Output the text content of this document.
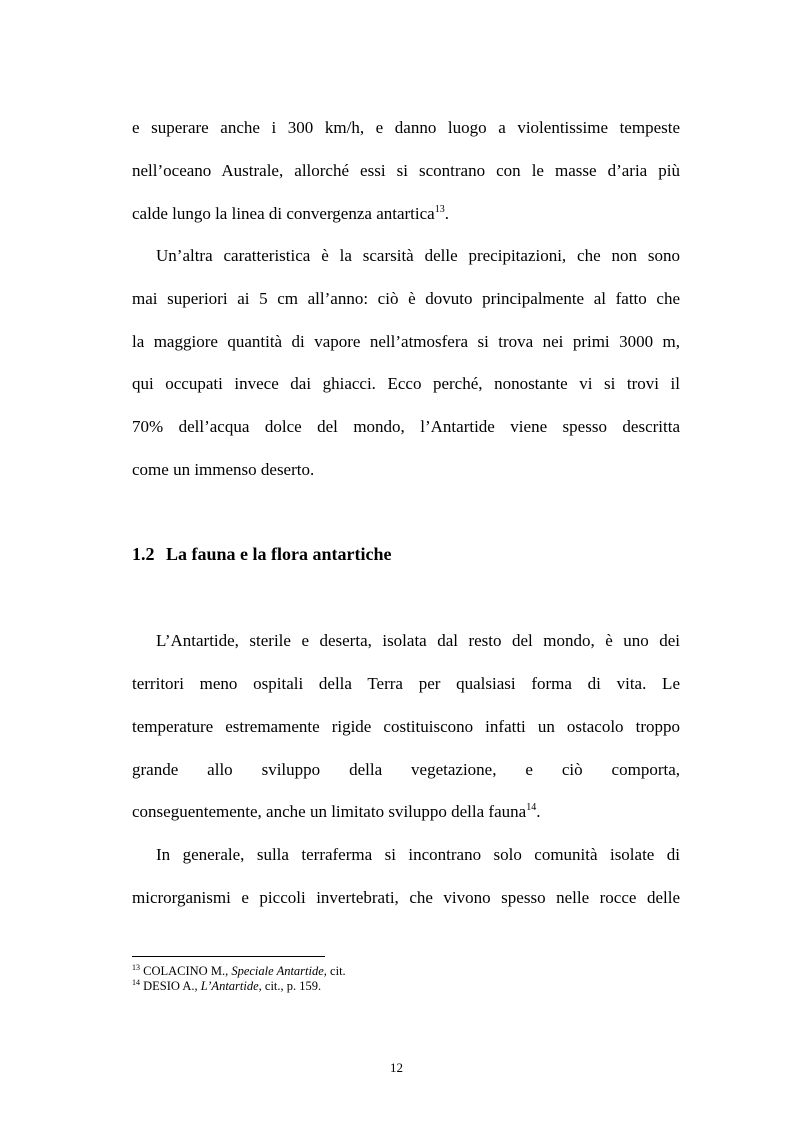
e superare anche i 300 km/h, e danno luogo a violentissime tempeste
nell’oceano Australe, allorché essi si scontrano con le masse d’aria più
calde lungo la linea di convergenza antartica$^{13}$.
Un’altra caratteristica è la scarsità delle precipitazioni, che non sono
mai superiori ai 5 cm all’anno: ciò è dovuto principalmente al fatto che
la maggiore quantità di vapore nell’atmosfera si trova nei primi 3000 m,
qui occupati invece dai ghiacci. Ecco perché, nonostante vi si trovi il
70% dell’acqua dolce del mondo, l’Antartide viene spesso descritta
come un immenso deserto.
1.2 La fauna e la flora antartiche
L’Antartide, sterile e deserta, isolata dal resto del mondo, è uno dei
territori meno ospitali della Terra per qualsiasi forma di vita. Le
temperature estremamente rigide costituiscono infatti un ostacolo troppo
grande allo sviluppo della vegetazione, e ciò comporta,
conseguentemente, anche un limitato sviluppo della fauna$^{14}$.
In generale, sulla terraferma si incontrano solo comunità isolate di
microrganismi e piccoli invertebrati, che vivono spesso nelle rocce delle
$^{13}$ COLACINO M., Speciale Antartide, cit.
$^{14}$ DESIO A., L’Antartide, cit., p. 159.
12
